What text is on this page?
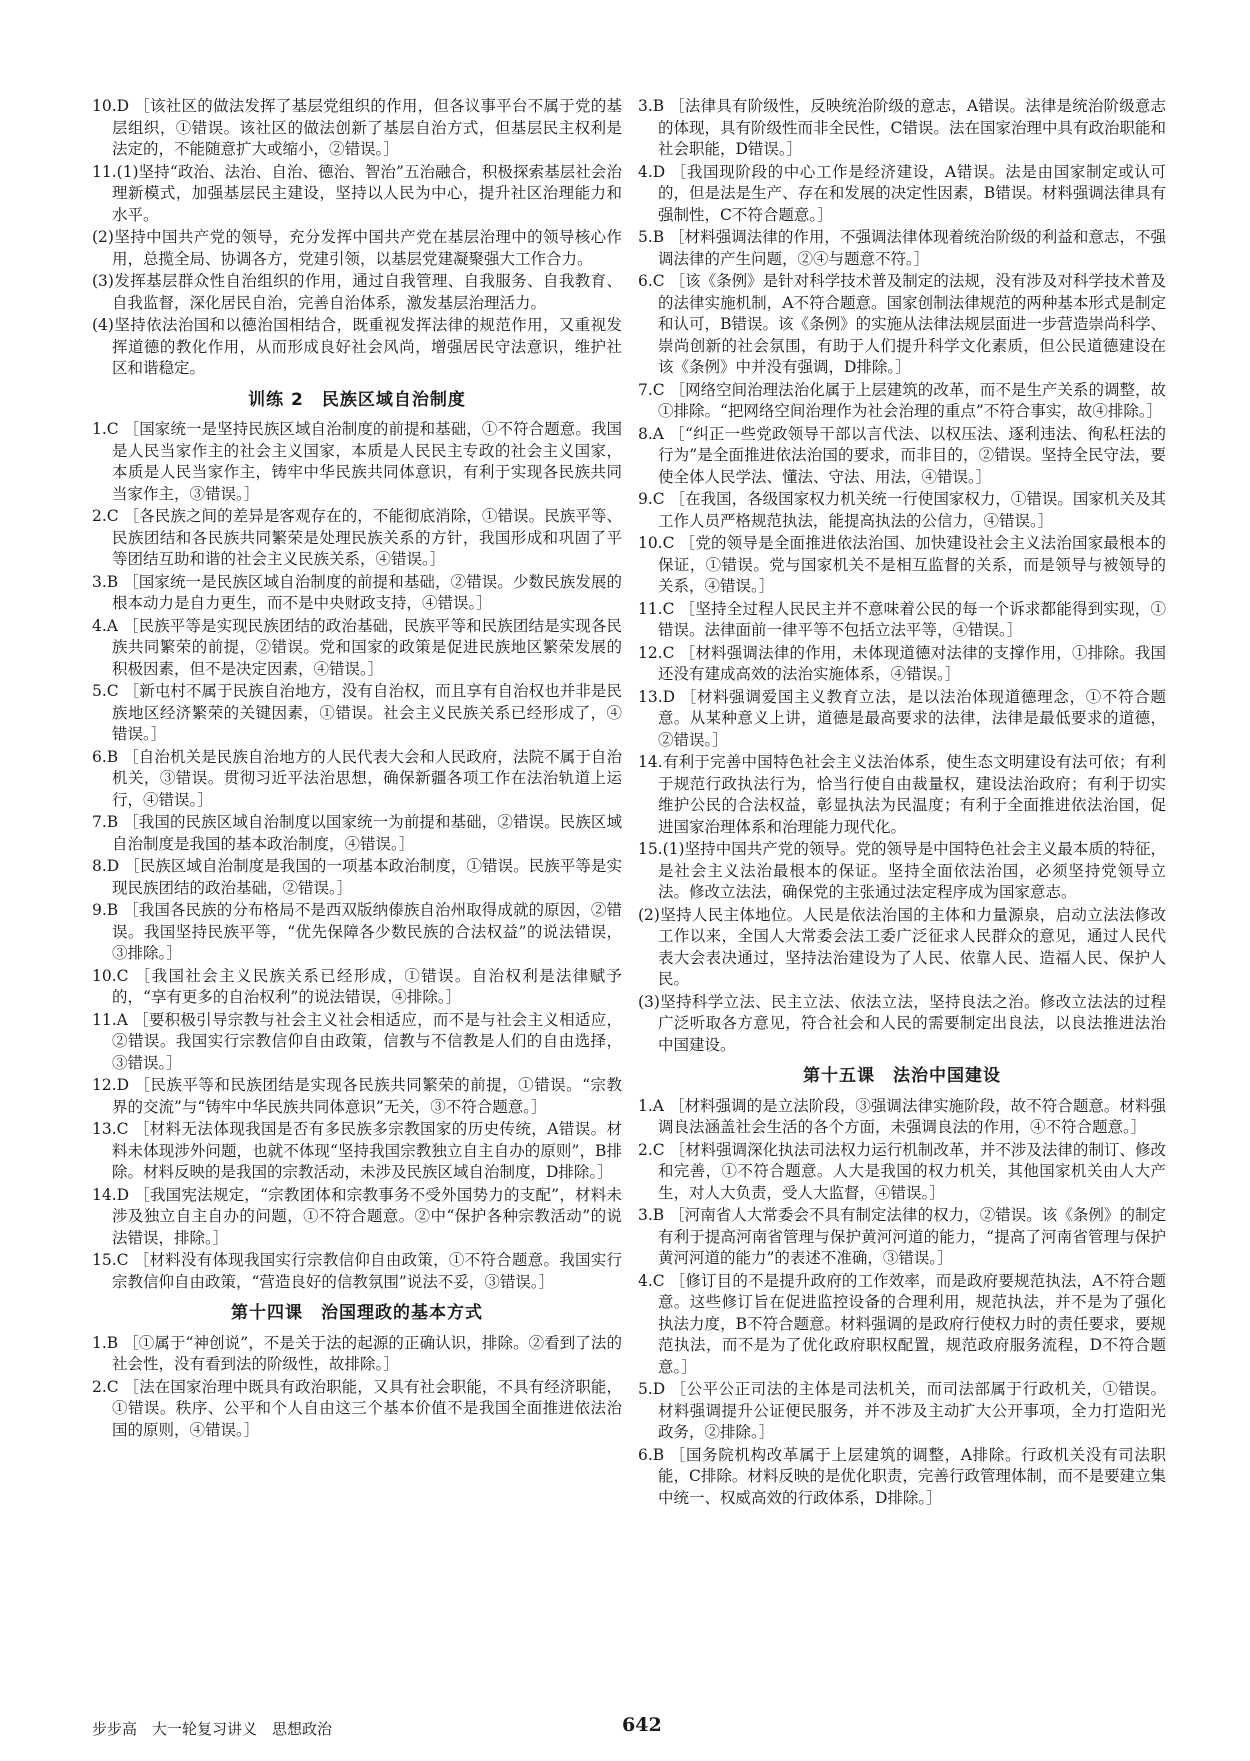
10.D ［该社区的做法发挥了基层党组织的作用，但各议事平台不属于党的基层组织，①错误。该社区的做法创新了基层自治方式，但基层民主权利是法定的，不能随意扩大或缩小，②错误。］
11.(1)坚持“政治、法治、自治、德治、智治”五治融合，积极探索基层社会治理新模式，加强基层民主建设，坚持以人民为中心，提升社区治理能力和水平。
(2)坚持中国共产党的领导，充分发挥中国共产党在基层治理中的领导核心作用，总揽全局、协调各方，党建引领，以基层党建凝聚强大工作合力。
(3)发挥基层群众性自治组织的作用，通过自我管理、自我服务、自我教育、自我监督，深化居民自治，完善自治体系，激发基层治理活力。
(4)坚持依法治国和以德治国相结合，既重视发挥法律的规范作用，又重视发挥道德的教化作用，从而形成良好社会风尚，增强居民守法意识，维护社区和谐稳定。
训练 2　民族区域自治制度
1.C ［国家统一是坚持民族区域自治制度的前提和基础，①不符合题意。我国是人民当家作主的社会主义国家，本质是人民民主专政的社会主义国家，本质是人民当家作主，铸牢中华民族共同体意识，有利于实现各民族共同当家作主，③错误。］
2.C ［各民族之间的差异是客观存在的，不能彻底消除，①错误。民族平等、民族团结和各民族共同繁荣是处理民族关系的方针，我国形成和巩固了平等团结互助和谐的社会主义民族关系，④错误。］
3.B ［国家统一是民族区域自治制度的前提和基础，②错误。少数民族发展的根本动力是自力更生，而不是中央财政支持，④错误。］
4.A ［民族平等是实现民族团结的政治基础，民族平等和民族团结是实现各民族共同繁荣的前提，②错误。党和国家的政策是促进民族地区繁荣发展的积极因素，但不是决定因素，④错误。］
5.C ［新屯村不属于民族自治地方，没有自治权，而且享有自治权也并非是民族地区经济繁荣的关键因素，①错误。社会主义民族关系已经形成了，④错误。］
6.B ［自治机关是民族自治地方的人民代表大会和人民政府，法院不属于自治机关，③错误。贯彻习近平法治思想，确保新疆各项工作在法治轨道上运行，④错误。］
7.B ［我国的民族区域自治制度以国家统一为前提和基础，②错误。民族区域自治制度是我国的基本政治制度，④错误。］
8.D ［民族区域自治制度是我国的一项基本政治制度，①错误。民族平等是实现民族团结的政治基础，②错误。］
9.B ［我国各民族的分布格局不是西双版纳傣族自治州取得成就的原因，②错误。我国坚持民族平等，“优先保障各少数民族的合法权益”的说法错误，③排除。］
10.C ［我国社会主义民族关系已经形成，①错误。自治权利是法律赋予的，“享有更多的自治权利”的说法错误，④排除。］
11.A ［要积极引导宗教与社会主义社会相适应，而不是与社会主义相适应，②错误。我国实行宗教信仰自由政策，信教与不信教是人们的自由选择，③错误。］
12.D ［民族平等和民族团结是实现各民族共同繁荣的前提，①错误。“宗教界的交流”与“铸牢中华民族共同体意识”无关，③不符合题意。］
13.C ［材料无法体现我国是否有多民族多宗教国家的历史传统，A错误。材料未体现涉外问题，也就不体现“坚持我国宗教独立自主自办的原则”，B排除。材料反映的是我国的宗教活动，未涉及民族区域自治制度，D排除。］
14.D ［我国宪法规定，“宗教团体和宗教事务不受外国势力的支配”，材料未涉及独立自主自办的问题，①不符合题意。②中“保护各种宗教活动”的说法错误，排除。］
15.C ［材料没有体现我国实行宗教信仰自由政策，①不符合题意。我国实行宗教信仰自由政策，“营造良好的信教氛围”说法不妥，③错误。］
第十四课　治国理政的基本方式
1.B ［①属于“神创说”，不是关于法的起源的正确认识，排除。②看到了法的社会性，没有看到法的阶级性，故排除。］
2.C ［法在国家治理中既具有政治职能，又具有社会职能，不具有经济职能，①错误。秩序、公平和个人自由这三个基本价值不是我国全面推进依法治国的原则，④错误。］
3.B ［法律具有阶级性，反映统治阶级的意志，A错误。法律是统治阶级意志的体现，具有阶级性而非全民性，C错误。法在国家治理中具有政治职能和社会职能，D错误。］
4.D ［我国现阶段的中心工作是经济建设，A错误。法是由国家制定或认可的，但是法是生产、存在和发展的决定性因素，B错误。材料强调法律具有强制性，C不符合题意。］
5.B ［材料强调法律的作用，不强调法律体现着统治阶级的利益和意志，不强调法律的产生问题，②④与题意不符。］
6.C ［该《条例》是针对科学技术普及制定的法规，没有涉及对科学技术普及的法律实施机制，A不符合题意。国家创制法律规范的两种基本形式是制定和认可，B错误。该《条例》的实施从法律法规层面进一步营造崇尚科学、崇尚创新的社会氛围，有助于人们提升科学文化素质，但公民道德建设在该《条例》中并没有强调，D排除。］
7.C ［网络空间治理法治化属于上层建筑的改革，而不是生产关系的调整，故①排除。“把网络空间治理作为社会治理的重点”不符合事实，故④排除。］
8.A ［“纠正一些党政领导干部以言代法、以权压法、逐利违法、徇私枉法的行为”是全面推进依法治国的要求，而非目的，②错误。坚持全民守法，要使全体人民学法、懂法、守法、用法，④错误。］
9.C ［在我国，各级国家权力机关统一行使国家权力，①错误。国家机关及其工作人员严格规范执法，能提高执法的公信力，④错误。］
10.C ［党的领导是全面推进依法治国、加快建设社会主义法治国家最根本的保证，①错误。党与国家机关不是相互监督的关系，而是领导与被领导的关系，④错误。］
11.C ［坚持全过程人民民主并不意味着公民的每一个诉求都能得到实现，①错误。法律面前一律平等不包括立法平等，④错误。］
12.C ［材料强调法律的作用，未体现道德对法律的支撑作用，①排除。我国还没有建成高效的法治实施体系，④错误。］
13.D ［材料强调爱国主义教育立法，是以法治体现道德理念，①不符合题意。从某种意义上讲，道德是最高要求的法律，法律是最低要求的道德，②错误。］
14.有利于完善中国特色社会主义法治体系，使生态文明建设有法可依；有利于规范行政执法行为，恰当行使自由裁量权，建设法治政府；有利于切实维护公民的合法权益，彰显执法为民温度；有利于全面推进依法治国，促进国家治理体系和治理能力现代化。
15.(1)坚持中国共产党的领导。党的领导是中国特色社会主义最本质的特征，是社会主义法治最根本的保证。坚持全面依法治国，必须坚持党领导立法。修改立法法，确保党的主张通过法定程序成为国家意志。
(2)坚持人民主体地位。人民是依法治国的主体和力量源泉，启动立法法修改工作以来，全国人大常委会法工委广泛征求人民群众的意见，通过人民代表大会表决通过，坚持法治建设为了人民、依靠人民、造福人民、保护人民。
(3)坚持科学立法、民主立法、依法立法，坚持良法之治。修改立法法的过程广泛听取各方意见，符合社会和人民的需要制定出良法，以良法推进法治中国建设。
第十五课　法治中国建设
1.A ［材料强调的是立法阶段，③强调法律实施阶段，故不符合题意。材料强调良法涵盖社会生活的各个方面，未强调良法的作用，④不符合题意。］
2.C ［材料强调深化执法司法权力运行机制改革，并不涉及法律的制订、修改和完善，①不符合题意。人大是我国的权力机关，其他国家机关由人大产生，对人大负责，受人大监督，④错误。］
3.B ［河南省人大常委会不具有制定法律的权力，②错误。该《条例》的制定有利于提高河南省管理与保护黄河河道的能力，“提高了河南省管理与保护黄河河道的能力”的表述不准确，③错误。］
4.C ［修订目的不是提升政府的工作效率，而是政府要规范执法，A不符合题意。这些修订旨在促进监控设备的合理利用，规范执法，并不是为了强化执法力度，B不符合题意。材料强调的是政府行使权力时的责任要求，要规范执法，而不是为了优化政府职权配置，规范政府服务流程，D不符合题意。］
5.D ［公平公正司法的主体是司法机关，而司法部属于行政机关，①错误。材料强调提升公证便民服务，并不涉及主动扩大公开事项，全力打造阳光政务，②排除。］
6.B ［国务院机构改革属于上层建筑的调整，A排除。行政机关没有司法职能，C排除。材料反映的是优化职责，完善行政管理体制，而不是要建立集中统一、权威高效的行政体系，D排除。］
步步高　大一轮复习讲义　思想政治	642
